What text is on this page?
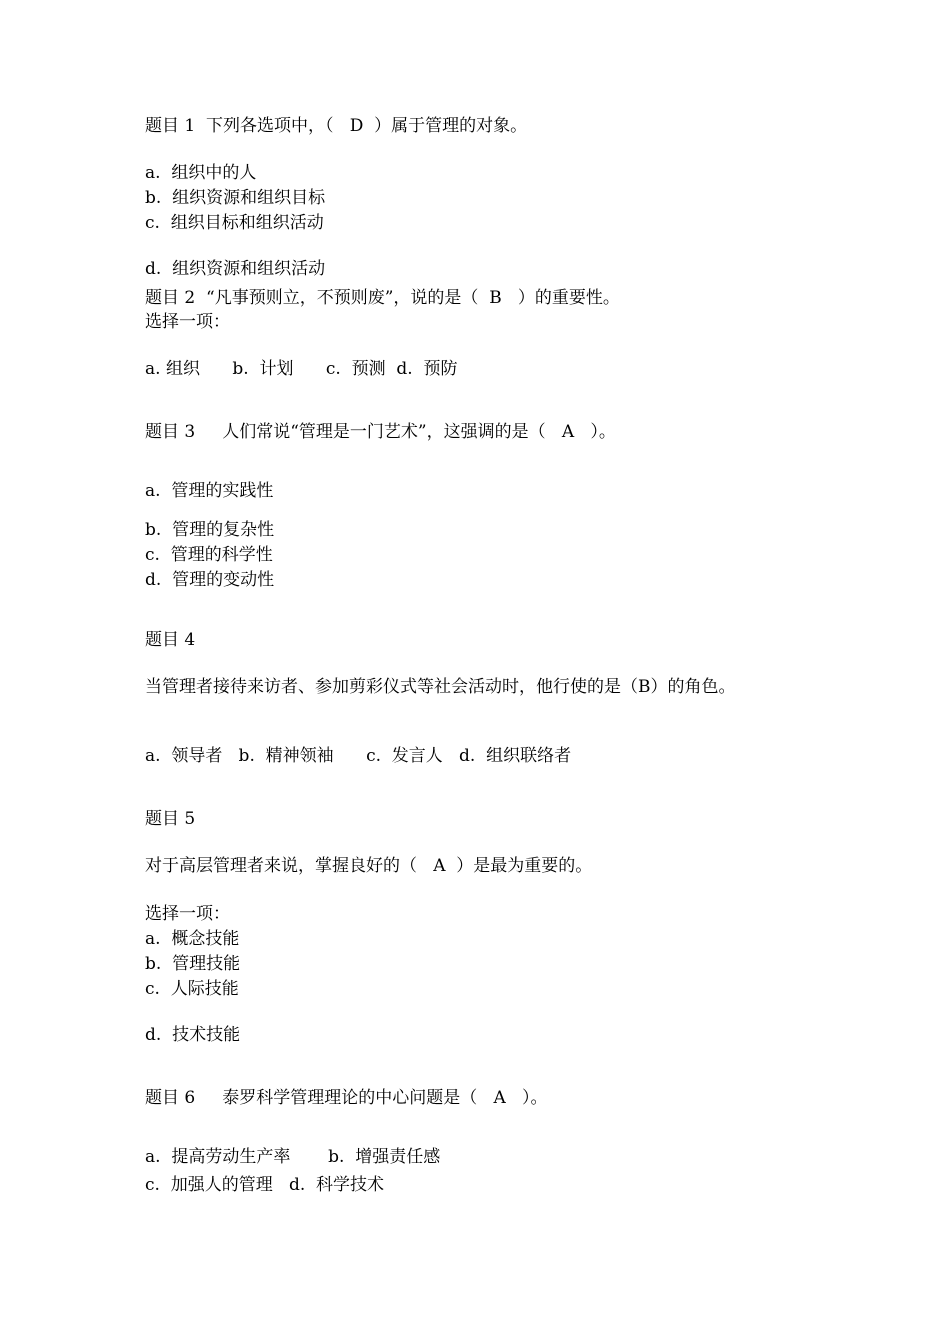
题目 1  下列各选项中，（   D  ）属于管理的对象。
a.  组织中的人
b.  组织资源和组织目标
c.  组织目标和组织活动
d.  组织资源和组织活动
题目 2  “凡事预则立，不预则废”，说的是（  B   ）的重要性。
选择一项：
a. 组织      b.  计划      c.  预测  d.  预防
题目 3     人们常说“管理是一门艺术”，这强调的是（   A   ）。
a.  管理的实践性
b.  管理的复杂性
c.  管理的科学性
d.  管理的变动性
题目 4
当管理者接待来访者、参加剪彩仪式等社会活动时，他行使的是（B）的角色。
a.  领导者   b.  精神领袖      c.  发言人   d.  组织联络者
题目 5
对于高层管理者来说，掌握良好的（   A  ）是最为重要的。
选择一项：
a.  概念技能
b.  管理技能
c.  人际技能
d.  技术技能
题目 6     泰罗科学管理理论的中心问题是（   A   ）。
a.  提高劳动生产率       b.  增强责任感
c.  加强人的管理   d.  科学技术
